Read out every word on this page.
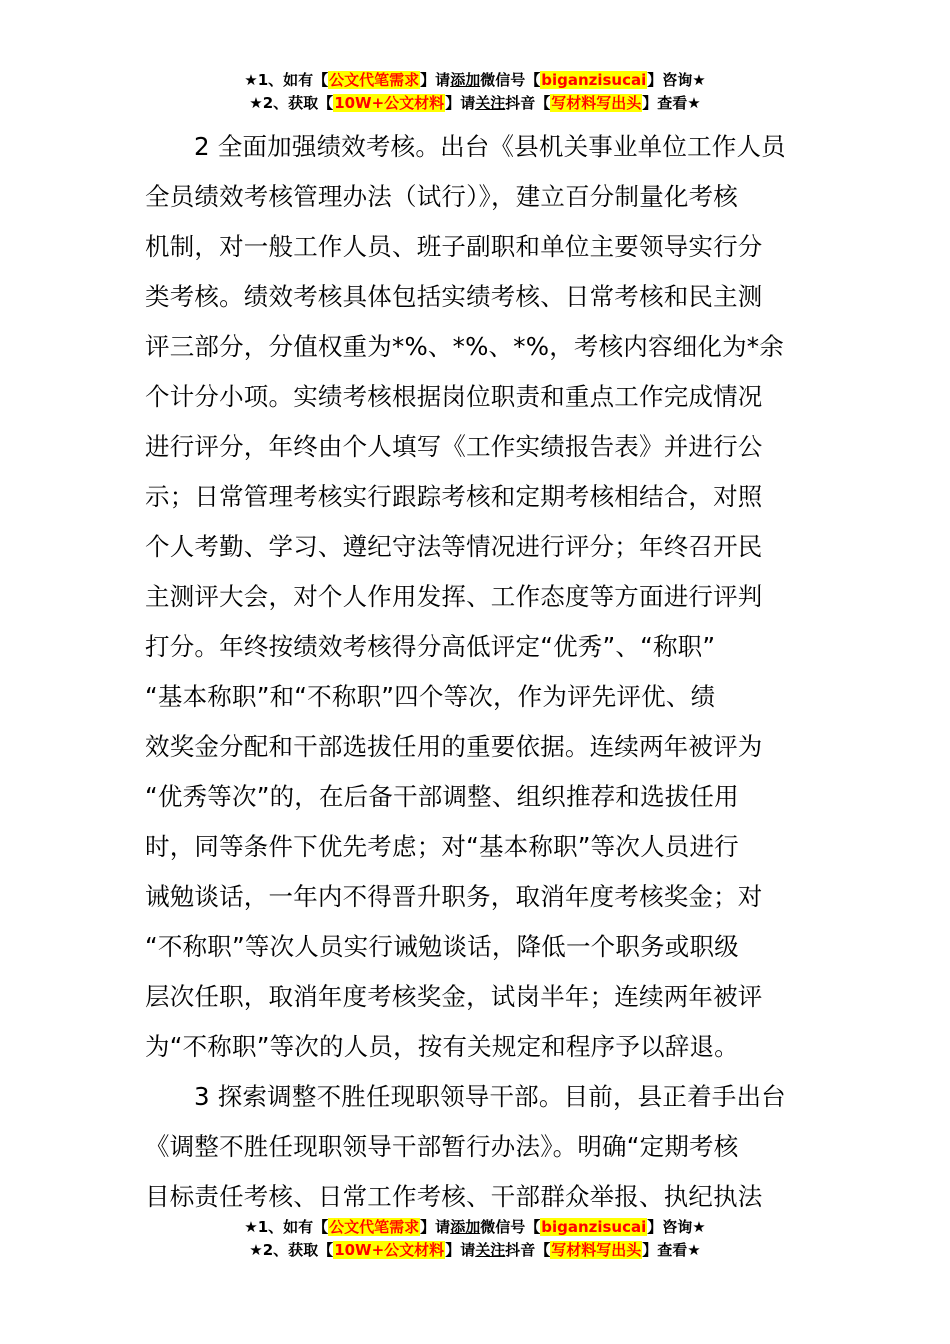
★1、如有【公文代笔需求】请添加微信号【biganzisucai】咨询★
★2、获取【10W+公文材料】请关注抖音【写材料写出头】查看★
2 全面加强绩效考核。出台《县机关事业单位工作人员
全员绩效考核管理办法（试行）》，建立百分制量化考核
机制，对一般工作人员、班子副职和单位主要领导实行分
类考核。绩效考核具体包括实绩考核、日常考核和民主测
评三部分，分值权重为*%、*%、*%，考核内容细化为*余
个计分小项。实绩考核根据岗位职责和重点工作完成情况
进行评分，年终由个人填写《工作实绩报告表》并进行公
示；日常管理考核实行跟踪考核和定期考核相结合，对照
个人考勤、学习、遵纪守法等情况进行评分；年终召开民
主测评大会，对个人作用发挥、工作态度等方面进行评判
打分。年终按绩效考核得分高低评定“优秀”、“称职”
“基本称职”和“不称职”四个等次，作为评先评优、绩
效奖金分配和干部选拔任用的重要依据。连续两年被评为
“优秀等次”的，在后备干部调整、组织推荐和选拔任用
时，同等条件下优先考虑；对“基本称职”等次人员进行
诫勉谈话，一年内不得晋升职务，取消年度考核奖金；对
“不称职”等次人员实行诫勉谈话，降低一个职务或职级
层次任职，取消年度考核奖金，试岗半年；连续两年被评
为“不称职”等次的人员，按有关规定和程序予以辞退。
3 探索调整不胜任现职领导干部。目前，县正着手出台
《调整不胜任现职领导干部暂行办法》。明确“定期考核
目标责任考核、日常工作考核、干部群众举报、执纪执法
★1、如有【公文代笔需求】请添加微信号【biganzisucai】咨询★
★2、获取【10W+公文材料】请关注抖音【写材料写出头】查看★
